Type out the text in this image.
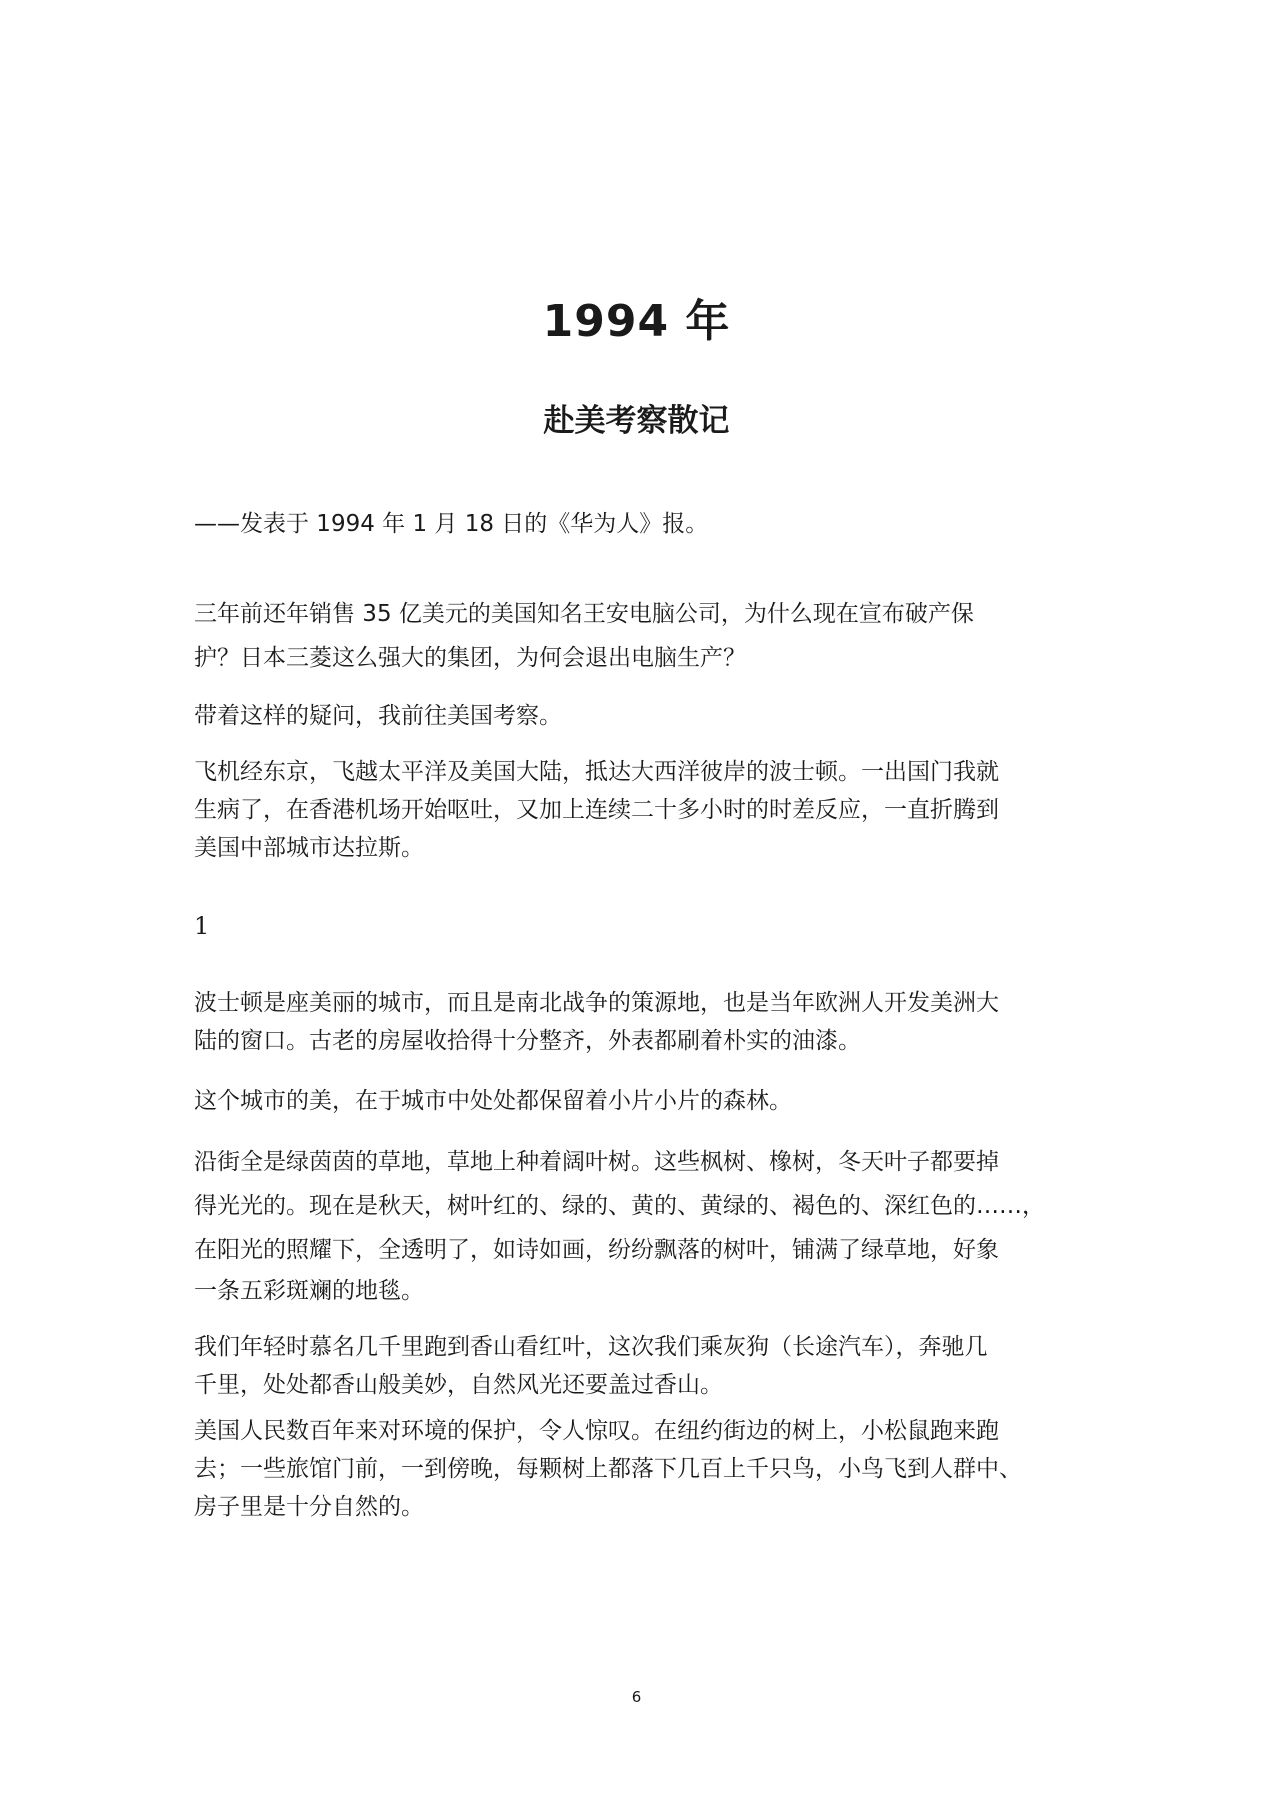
1994 年
赴美考察散记

——发表于 1994 年 1 月 18 日的《华为人》报。

三年前还年销售 35 亿美元的美国知名王安电脑公司，为什么现在宣布破产保

护？日本三菱这么强大的集团，为何会退出电脑生产？

带着这样的疑问，我前往美国考察。

飞机经东京，飞越太平洋及美国大陆，抵达大西洋彼岸的波士顿。一出国门我就

生病了，在香港机场开始呕吐，又加上连续二十多小时的时差反应，一直折腾到

美国中部城市达拉斯。

1

波士顿是座美丽的城市，而且是南北战争的策源地，也是当年欧洲人开发美洲大

陆的窗口。古老的房屋收拾得十分整齐，外表都刷着朴实的油漆。

这个城市的美，在于城市中处处都保留着小片小片的森林。

沿街全是绿茵茵的草地，草地上种着阔叶树。这些枫树、橡树，冬天叶子都要掉

得光光的。现在是秋天，树叶红的、绿的、黄的、黄绿的、褐色的、深红色的……，

在阳光的照耀下，全透明了，如诗如画，纷纷飘落的树叶，铺满了绿草地，好象

一条五彩斑斓的地毯。

我们年轻时慕名几千里跑到香山看红叶，这次我们乘灰狗（长途汽车），奔驰几

千里，处处都香山般美妙，自然风光还要盖过香山。

美国人民数百年来对环境的保护，令人惊叹。在纽约街边的树上，小松鼠跑来跑

去；一些旅馆门前，一到傍晚，每颗树上都落下几百上千只鸟，小鸟飞到人群中、

房子里是十分自然的。

6
